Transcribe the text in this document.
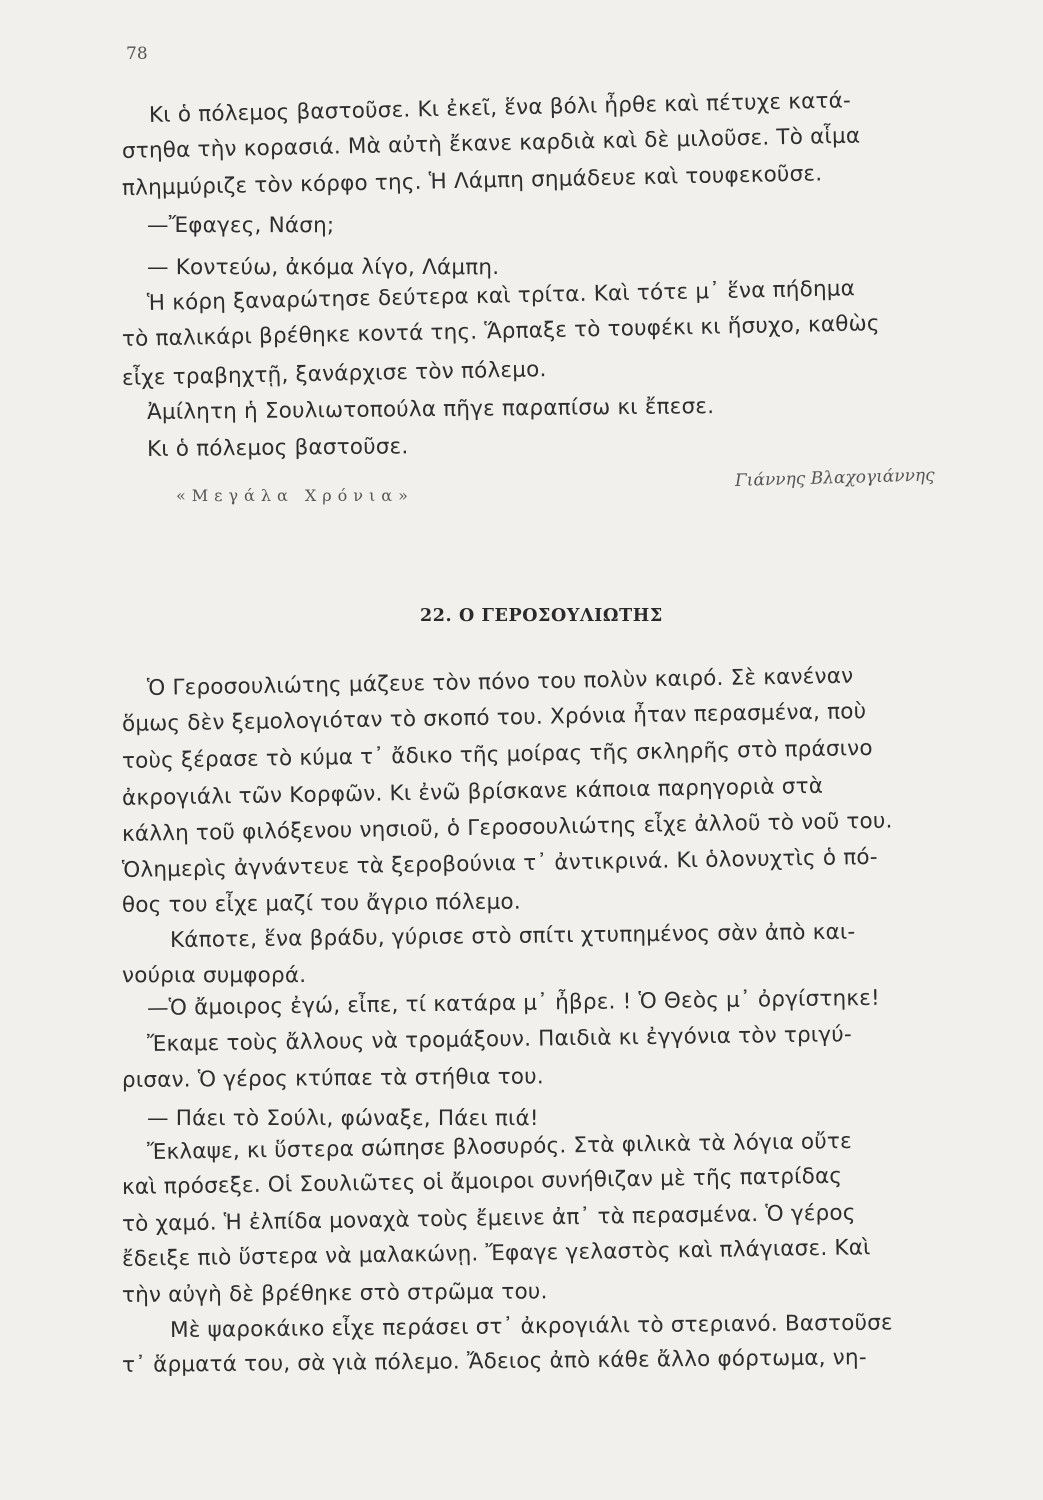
78

Κι ὁ πόλεμος βαστοῦσε. Κι ἐκεῖ, ἕνα βόλι ἦρθε καὶ πέτυχε κατά-

στηθα τὴν κορασιά. Μὰ αὐτὴ ἔκανε καρδιὰ καὶ δὲ μιλοῦσε. Τὸ αἷμα

πλημμύριζε τὸν κόρφο της. Ἡ Λάμπη σημάδευε καὶ τουφεκοῦσε.

—Ἔφαγες, Νάση;

— Κοντεύω, ἀκόμα λίγο, Λάμπη.

Ἡ κόρη ξαναρώτησε δεύτερα καὶ τρίτα. Καὶ τότε μ᾿ ἕνα πήδημα

τὸ παλικάρι βρέθηκε κοντά της. Ἅρπαξε τὸ τουφέκι κι ἥσυχο, καθὼς

εἶχε τραβηχτῇ, ξανάρχισε τὸν πόλεμο.

Ἀμίλητη ἡ Σουλιωτοπούλα πῆγε παραπίσω κι ἔπεσε.

Κι ὁ πόλεμος βαστοῦσε.

«Μεγάλα Χρόνια»
Γιάννης Βλαχογιάννης
22. Ο ΓΕΡΟΣΟΥΛΙΩΤΗΣ

Ὁ Γεροσουλιώτης μάζευε τὸν πόνο του πολὺν καιρό. Σὲ κανέναν

ὅμως δὲν ξεμολογιόταν τὸ σκοπό του. Χρόνια ἦταν περασμένα, ποὺ

τοὺς ξέρασε τὸ κύμα τ᾿ ἄδικο τῆς μοίρας τῆς σκληρῆς στὸ πράσινο

ἀκρογιάλι τῶν Κορφῶν. Κι ἐνῶ βρίσκανε κάποια παρηγοριὰ στὰ

κάλλη τοῦ φιλόξενου νησιοῦ, ὁ Γεροσουλιώτης εἶχε ἀλλοῦ τὸ νοῦ του.

Ὁλημερὶς ἀγνάντευε τὰ ξεροβούνια τ᾿ ἀντικρινά. Κι ὁλονυχτὶς ὁ πό-

θος του εἶχε μαζί του ἄγριο πόλεμο.

Κάποτε, ἕνα βράδυ, γύρισε στὸ σπίτι χτυπημένος σὰν ἀπὸ και-

νούρια συμφορά.

—Ὁ ἄμοιρος ἐγώ, εἶπε, τί κατάρα μ᾿ ἦβρε. ! Ὁ Θεὸς μ᾿ ὀργίστηκε!

Ἔκαμε τοὺς ἄλλους νὰ τρομάξουν. Παιδιὰ κι ἐγγόνια τὸν τριγύ-

ρισαν. Ὁ γέρος κτύπαε τὰ στήθια του.

— Πάει τὸ Σούλι, φώναξε, Πάει πιά!

Ἔκλαψε, κι ὕστερα σώπησε βλοσυρός. Στὰ φιλικὰ τὰ λόγια οὔτε

καὶ πρόσεξε. Οἱ Σουλιῶτες οἱ ἄμοιροι συνήθιζαν μὲ τῆς πατρίδας

τὸ χαμό. Ἡ ἐλπίδα μοναχὰ τοὺς ἔμεινε ἀπ᾿ τὰ περασμένα. Ὁ γέρος

ἔδειξε πιὸ ὕστερα νὰ μαλακώνῃ. Ἔφαγε γελαστὸς καὶ πλάγιασε. Καὶ

τὴν αὐγὴ δὲ βρέθηκε στὸ στρῶμα του.

Μὲ ψαροκάικο εἶχε περάσει στ᾿ ἀκρογιάλι τὸ στεριανό. Βαστοῦσε

τ᾿ ἅρματά του, σὰ γιὰ πόλεμο. Ἄδειος ἀπὸ κάθε ἄλλο φόρτωμα, νη-
